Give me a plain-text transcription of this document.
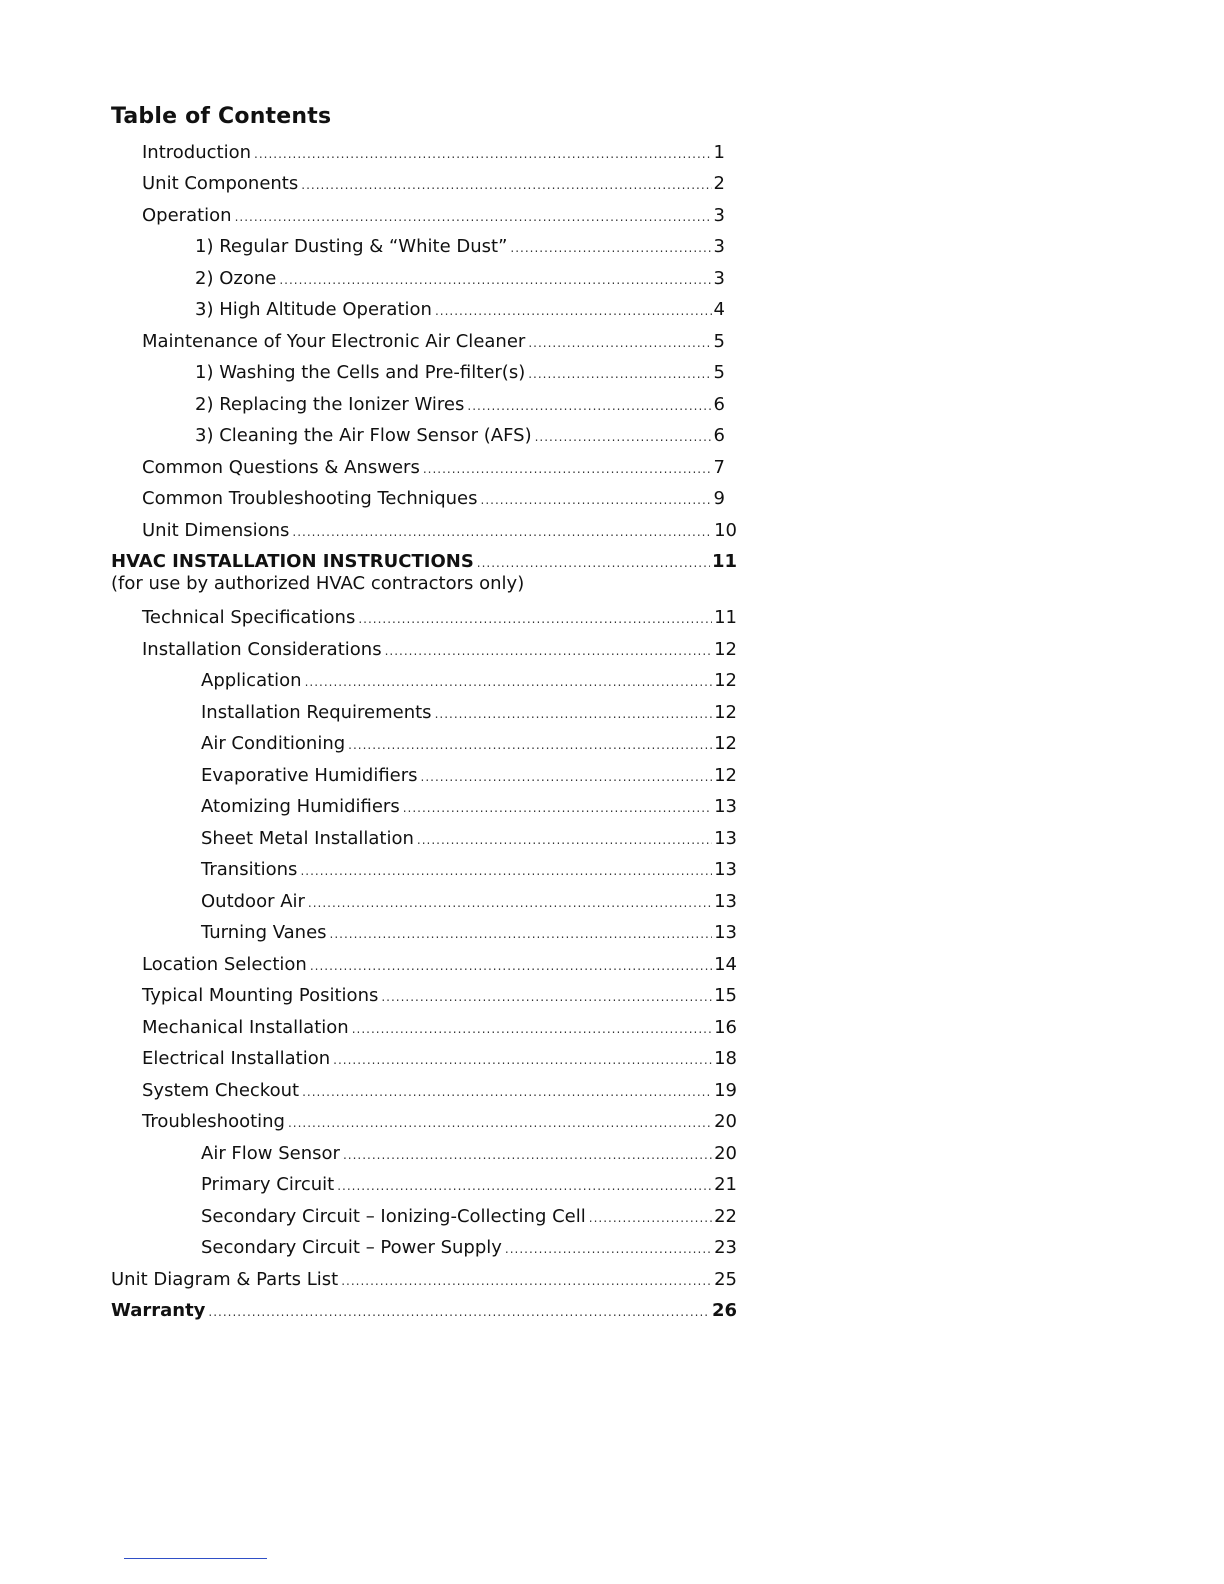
Table of Contents
Introduction .....	1
Unit Components .....	2
Operation .....	3
1) Regular Dusting & “White Dust” .....	3
2) Ozone .....	3
3) High Altitude Operation .....	4
Maintenance of Your Electronic Air Cleaner .....	5
1) Washing the Cells and Pre-filter(s) .....	5
2) Replacing the Ionizer Wires .....	6
3) Cleaning the Air Flow Sensor (AFS) .....	6
Common Questions & Answers .....	7
Common Troubleshooting Techniques .....	9
Unit Dimensions .....	10
HVAC INSTALLATION INSTRUCTIONS .....	11
(for use by authorized HVAC contractors only)
Technical Specifications .....	11
Installation Considerations .....	12
Application .....	12
Installation Requirements .....	12
Air Conditioning .....	12
Evaporative Humidifiers .....	12
Atomizing Humidifiers .....	13
Sheet Metal Installation .....	13
Transitions .....	13
Outdoor Air .....	13
Turning Vanes .....	13
Location Selection .....	14
Typical Mounting Positions .....	15
Mechanical Installation .....	16
Electrical Installation .....	18
System Checkout .....	19
Troubleshooting .....	20
Air Flow Sensor .....	20
Primary Circuit .....	21
Secondary Circuit – Ionizing-Collecting Cell .....	22
Secondary Circuit – Power Supply .....	23
Unit Diagram & Parts List .....	25
Warranty .....	26
